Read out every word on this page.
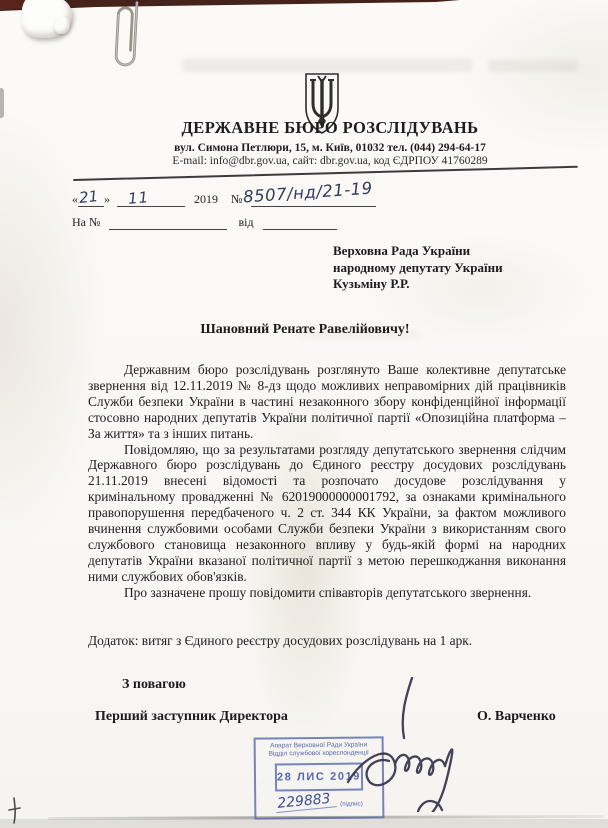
ДЕРЖАВНЕ БЮРО РОЗСЛІДУВАНЬ
вул. Симона Петлюри, 15, м. Київ, 01032 тел. (044) 294-64-17
E-mail: info@dbr.gov.ua, сайт: dbr.gov.ua, код ЄДРПОУ 41760289
« »	2019 №
21 11	8507/нд/21-19
На №	від
Верховна Рада України
народному депутату України
Кузьміну Р.Р.
Шановний Ренате Равелійовичу!

Державним бюро розслідувань розглянуто Ваше колективне депутатське звернення від 12.11.2019 № 8-дз щодо можливих неправомірних дій працівників Служби безпеки України в частині незаконного збору конфіденційної інформації стосовно народних депутатів України політичної партії «Опозиційна платформа – За життя» та з інших питань.

Повідомляю, що за результатами розгляду депутатського звернення слідчим Державного бюро розслідувань до Єдиного реєстру досудових розслідувань 21.11.2019 внесені відомості та розпочато досудове розслідування у кримінальному провадженні № 62019000000001792, за ознаками кримінального правопорушення передбаченого ч. 2 ст. 344 КК України, за фактом можливого вчинення службовими особами Служби безпеки України з використанням свого службового становища незаконного впливу у будь-якій формі на народних депутатів України вказаної політичної партії з метою перешкоджання виконання ними службових обов'язків.

Про зазначене прошу повідомити співавторів депутатського звернення.

Додаток: витяг з Єдиного реєстру досудових розслідувань на 1 арк.
З повагою
Перший заступник Директора	О. Варченко
Апарат Верховної Ради України
Відділ службової кореспонденції
28 ЛИС 2019
229883	(підпис)
